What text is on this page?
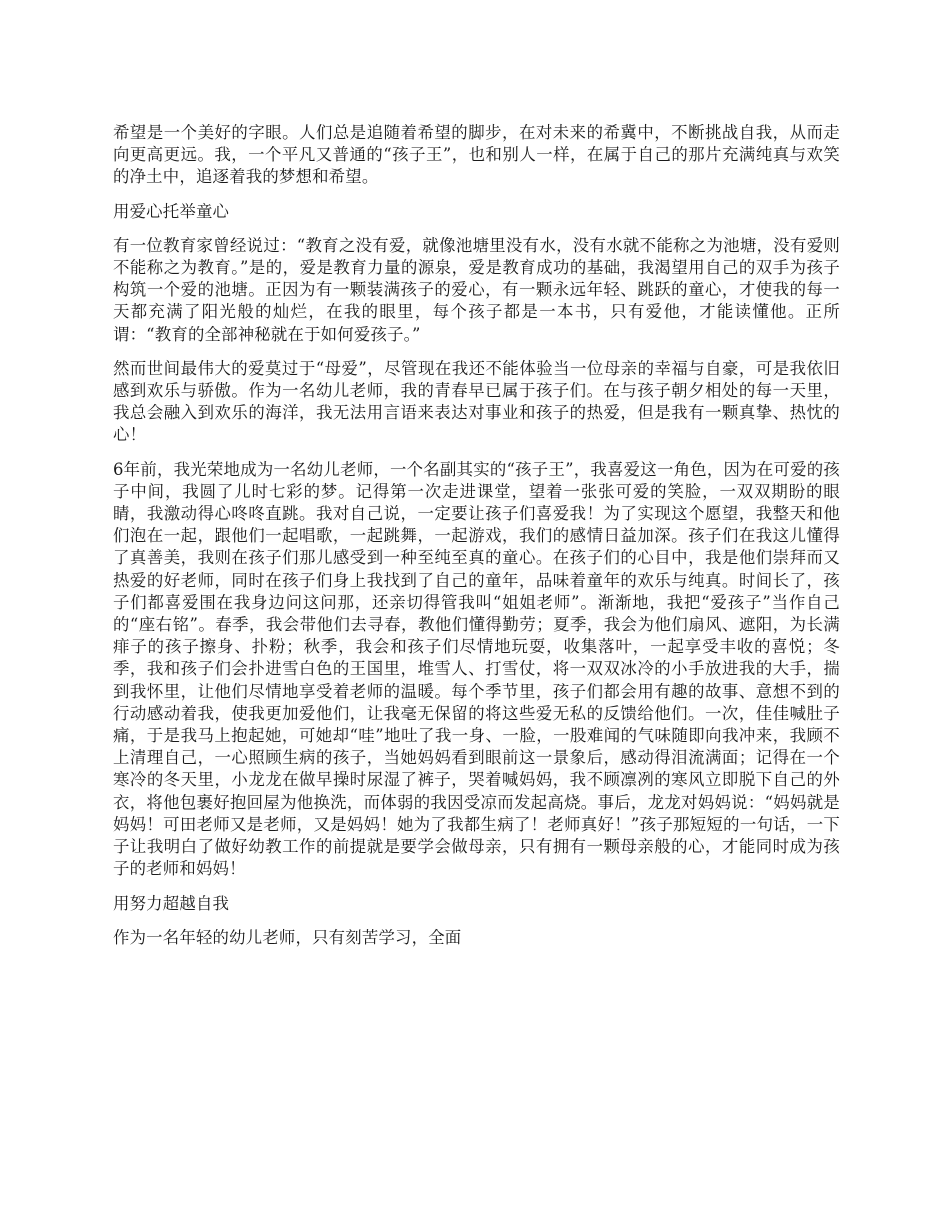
希望是一个美好的字眼。人们总是追随着希望的脚步，在对未来的希冀中，不断挑战自我，从而走向更高更远。我，一个平凡又普通的“孩子王”，也和别人一样，在属于自己的那片充满纯真与欢笑的净土中，追逐着我的梦想和希望。

用爱心托举童心

有一位教育家曾经说过：“教育之没有爱，就像池塘里没有水，没有水就不能称之为池塘，没有爱则不能称之为教育。”是的，爱是教育力量的源泉，爱是教育成功的基础，我渴望用自己的双手为孩子构筑一个爱的池塘。正因为有一颗装满孩子的爱心，有一颗永远年轻、跳跃的童心，才使我的每一天都充满了阳光般的灿烂，在我的眼里，每个孩子都是一本书，只有爱他，才能读懂他。正所谓：“教育的全部神秘就在于如何爱孩子。”

然而世间最伟大的爱莫过于“母爱”，尽管现在我还不能体验当一位母亲的幸福与自豪，可是我依旧感到欢乐与骄傲。作为一名幼儿老师，我的青春早已属于孩子们。在与孩子朝夕相处的每一天里，我总会融入到欢乐的海洋，我无法用言语来表达对事业和孩子的热爱，但是我有一颗真挚、热忱的心！

6年前，我光荣地成为一名幼儿老师，一个名副其实的“孩子王”，我喜爱这一角色，因为在可爱的孩子中间，我圆了儿时七彩的梦。记得第一次走进课堂，望着一张张可爱的笑脸，一双双期盼的眼睛，我激动得心咚咚直跳。我对自己说，一定要让孩子们喜爱我！为了实现这个愿望，我整天和他们泡在一起，跟他们一起唱歌，一起跳舞，一起游戏，我们的感情日益加深。孩子们在我这儿懂得了真善美，我则在孩子们那儿感受到一种至纯至真的童心。在孩子们的心目中，我是他们崇拜而又热爱的好老师，同时在孩子们身上我找到了自己的童年，品味着童年的欢乐与纯真。时间长了，孩子们都喜爱围在我身边问这问那，还亲切得管我叫“姐姐老师”。渐渐地，我把“爱孩子”当作自己的“座右铭”。春季，我会带他们去寻春，教他们懂得勤劳；夏季，我会为他们扇风、遮阳，为长满痱子的孩子擦身、扑粉；秋季，我会和孩子们尽情地玩耍，收集落叶，一起享受丰收的喜悦；冬季，我和孩子们会扑进雪白色的王国里，堆雪人、打雪仗，将一双双冰冷的小手放进我的大手，揣到我怀里，让他们尽情地享受着老师的温暖。每个季节里，孩子们都会用有趣的故事、意想不到的行动感动着我，使我更加爱他们，让我毫无保留的将这些爱无私的反馈给他们。一次，佳佳喊肚子痛，于是我马上抱起她，可她却“哇”地吐了我一身、一脸，一股难闻的气味随即向我冲来，我顾不上清理自己，一心照顾生病的孩子，当她妈妈看到眼前这一景象后，感动得泪流满面；记得在一个寒冷的冬天里，小龙龙在做早操时尿湿了裤子，哭着喊妈妈，我不顾凛冽的寒风立即脱下自己的外衣，将他包裹好抱回屋为他换洗，而体弱的我因受凉而发起高烧。事后，龙龙对妈妈说：“妈妈就是妈妈！可田老师又是老师，又是妈妈！她为了我都生病了！老师真好！”孩子那短短的一句话，一下子让我明白了做好幼教工作的前提就是要学会做母亲，只有拥有一颗母亲般的心，才能同时成为孩子的老师和妈妈！

用努力超越自我

作为一名年轻的幼儿老师，只有刻苦学习，全面
